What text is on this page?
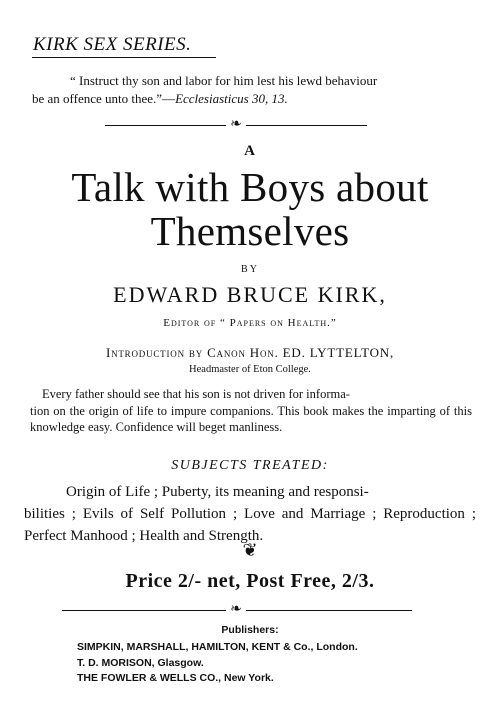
KIRK SEX SERIES.
“ Instruct thy son and labor for him lest his lewd behaviour
be an offence unto thee.”—Ecclesiasticus 30, 13.
❧
A
Talk with Boys about
Themselves
BY
EDWARD BRUCE KIRK,
Editor of “ Papers on Health.”
Introduction by Canon Hon. ED. LYTTELTON,
Headmaster of Eton College.
Every father should see that his son is not driven for informa-
tion on the origin of life to impure companions. This book makes the imparting of this knowledge easy. Confidence will beget manliness.
SUBJECTS TREATED:
Origin of Life ; Puberty, its meaning and responsi-
bilities ; Evils of Self Pollution ; Love and Marriage ; Reproduction ; Perfect Manhood ; Health and Strength.
❦
Price 2/- net, Post Free, 2/3.
❧
Publishers:
SIMPKIN, MARSHALL, HAMILTON, KENT & Co., London.
T. D. MORISON, Glasgow.
THE FOWLER & WELLS CO., New York.
